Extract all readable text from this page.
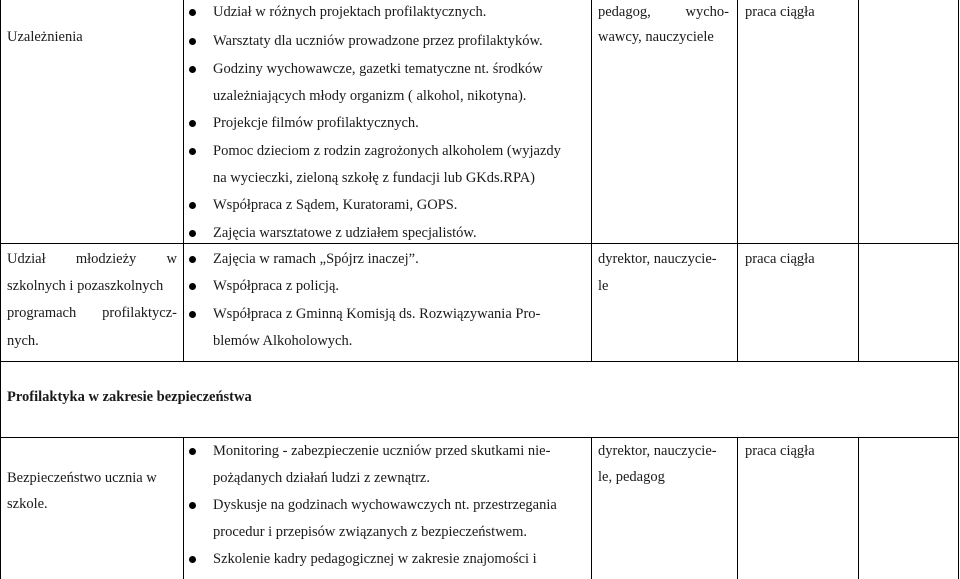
Uzależnienia
Udział w różnych projektach profilaktycznych.
Warsztaty dla uczniów prowadzone przez profilaktyków.
Godziny wychowawcze, gazetki tematyczne nt. środków
uzależniających młody organizm ( alkohol, nikotyna).
Projekcje filmów profilaktycznych.
Pomoc dzieciom z rodzin zagrożonych alkoholem (wyjazdy
na wycieczki, zieloną szkołę z fundacji lub GKds.RPA)
Współpraca z Sądem, Kuratorami, GOPS.
Zajęcia warsztatowe z udziałem specjalistów.
pedagog, wycho-
wawcy, nauczyciele
praca ciągła
Udział młodzieży w
szkolnych i pozaszkolnych
programach profilaktycz-
nych.
Zajęcia w ramach „Spójrz inaczej”.
Współpraca z policją.
Współpraca z Gminną Komisją ds. Rozwiązywania Pro-
blemów Alkoholowych.
dyrektor, nauczycie-
le
praca ciągła
Profilaktyka w zakresie bezpieczeństwa
Bezpieczeństwo ucznia w
szkole.
Monitoring - zabezpieczenie uczniów przed skutkami nie-
pożądanych działań ludzi z zewnątrz.
Dyskusje na godzinach wychowawczych nt. przestrzegania
procedur i przepisów związanych z bezpieczeństwem.
Szkolenie kadry pedagogicznej w zakresie znajomości i
dyrektor, nauczycie-
le, pedagog
praca ciągła
